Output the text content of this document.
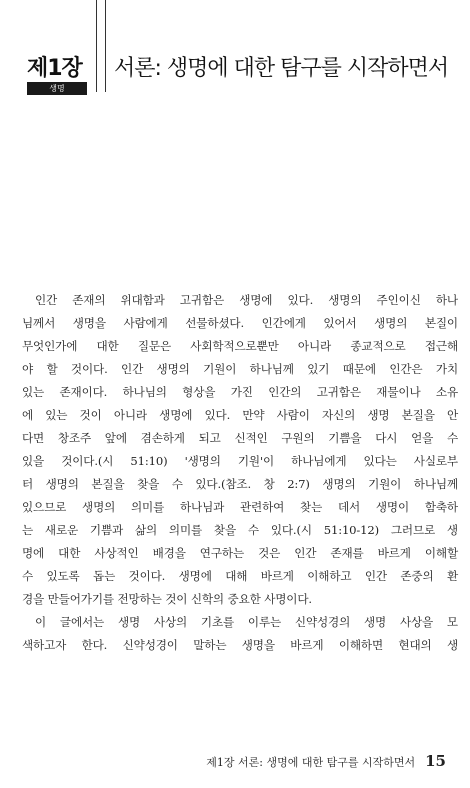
제1장
생명
서론: 생명에 대한 탐구를 시작하면서
인간 존재의 위대함과 고귀함은 생명에 있다. 생명의 주인이신 하나
님께서 생명을 사람에게 선물하셨다. 인간에게 있어서 생명의 본질이
무엇인가에 대한 질문은 사회학적으로뿐만 아니라 종교적으로 접근해
야 할 것이다. 인간 생명의 기원이 하나님께 있기 때문에 인간은 가치
있는 존재이다. 하나님의 형상을 가진 인간의 고귀함은 재물이나 소유
에 있는 것이 아니라 생명에 있다. 만약 사람이 자신의 생명 본질을 안
다면 창조주 앞에 겸손하게 되고 신적인 구원의 기쁨을 다시 얻을 수
있을 것이다.(시 51:10) '생명의 기원'이 하나님에게 있다는 사실로부
터 생명의 본질을 찾을 수 있다.(참조. 창 2:7) 생명의 기원이 하나님께
있으므로 생명의 의미를 하나님과 관련하여 찾는 데서 생명이 함축하
는 새로운 기쁨과 삶의 의미를 찾을 수 있다.(시 51:10-12) 그러므로 생
명에 대한 사상적인 배경을 연구하는 것은 인간 존재를 바르게 이해할
수 있도록 돕는 것이다. 생명에 대해 바르게 이해하고 인간 존중의 환
경을 만들어가기를 전망하는 것이 신학의 중요한 사명이다.
이 글에서는 생명 사상의 기초를 이루는 신약성경의 생명 사상을 모
색하고자 한다. 신약성경이 말하는 생명을 바르게 이해하면 현대의 생
제1장 서론: 생명에 대한 탐구를 시작하면서 15
